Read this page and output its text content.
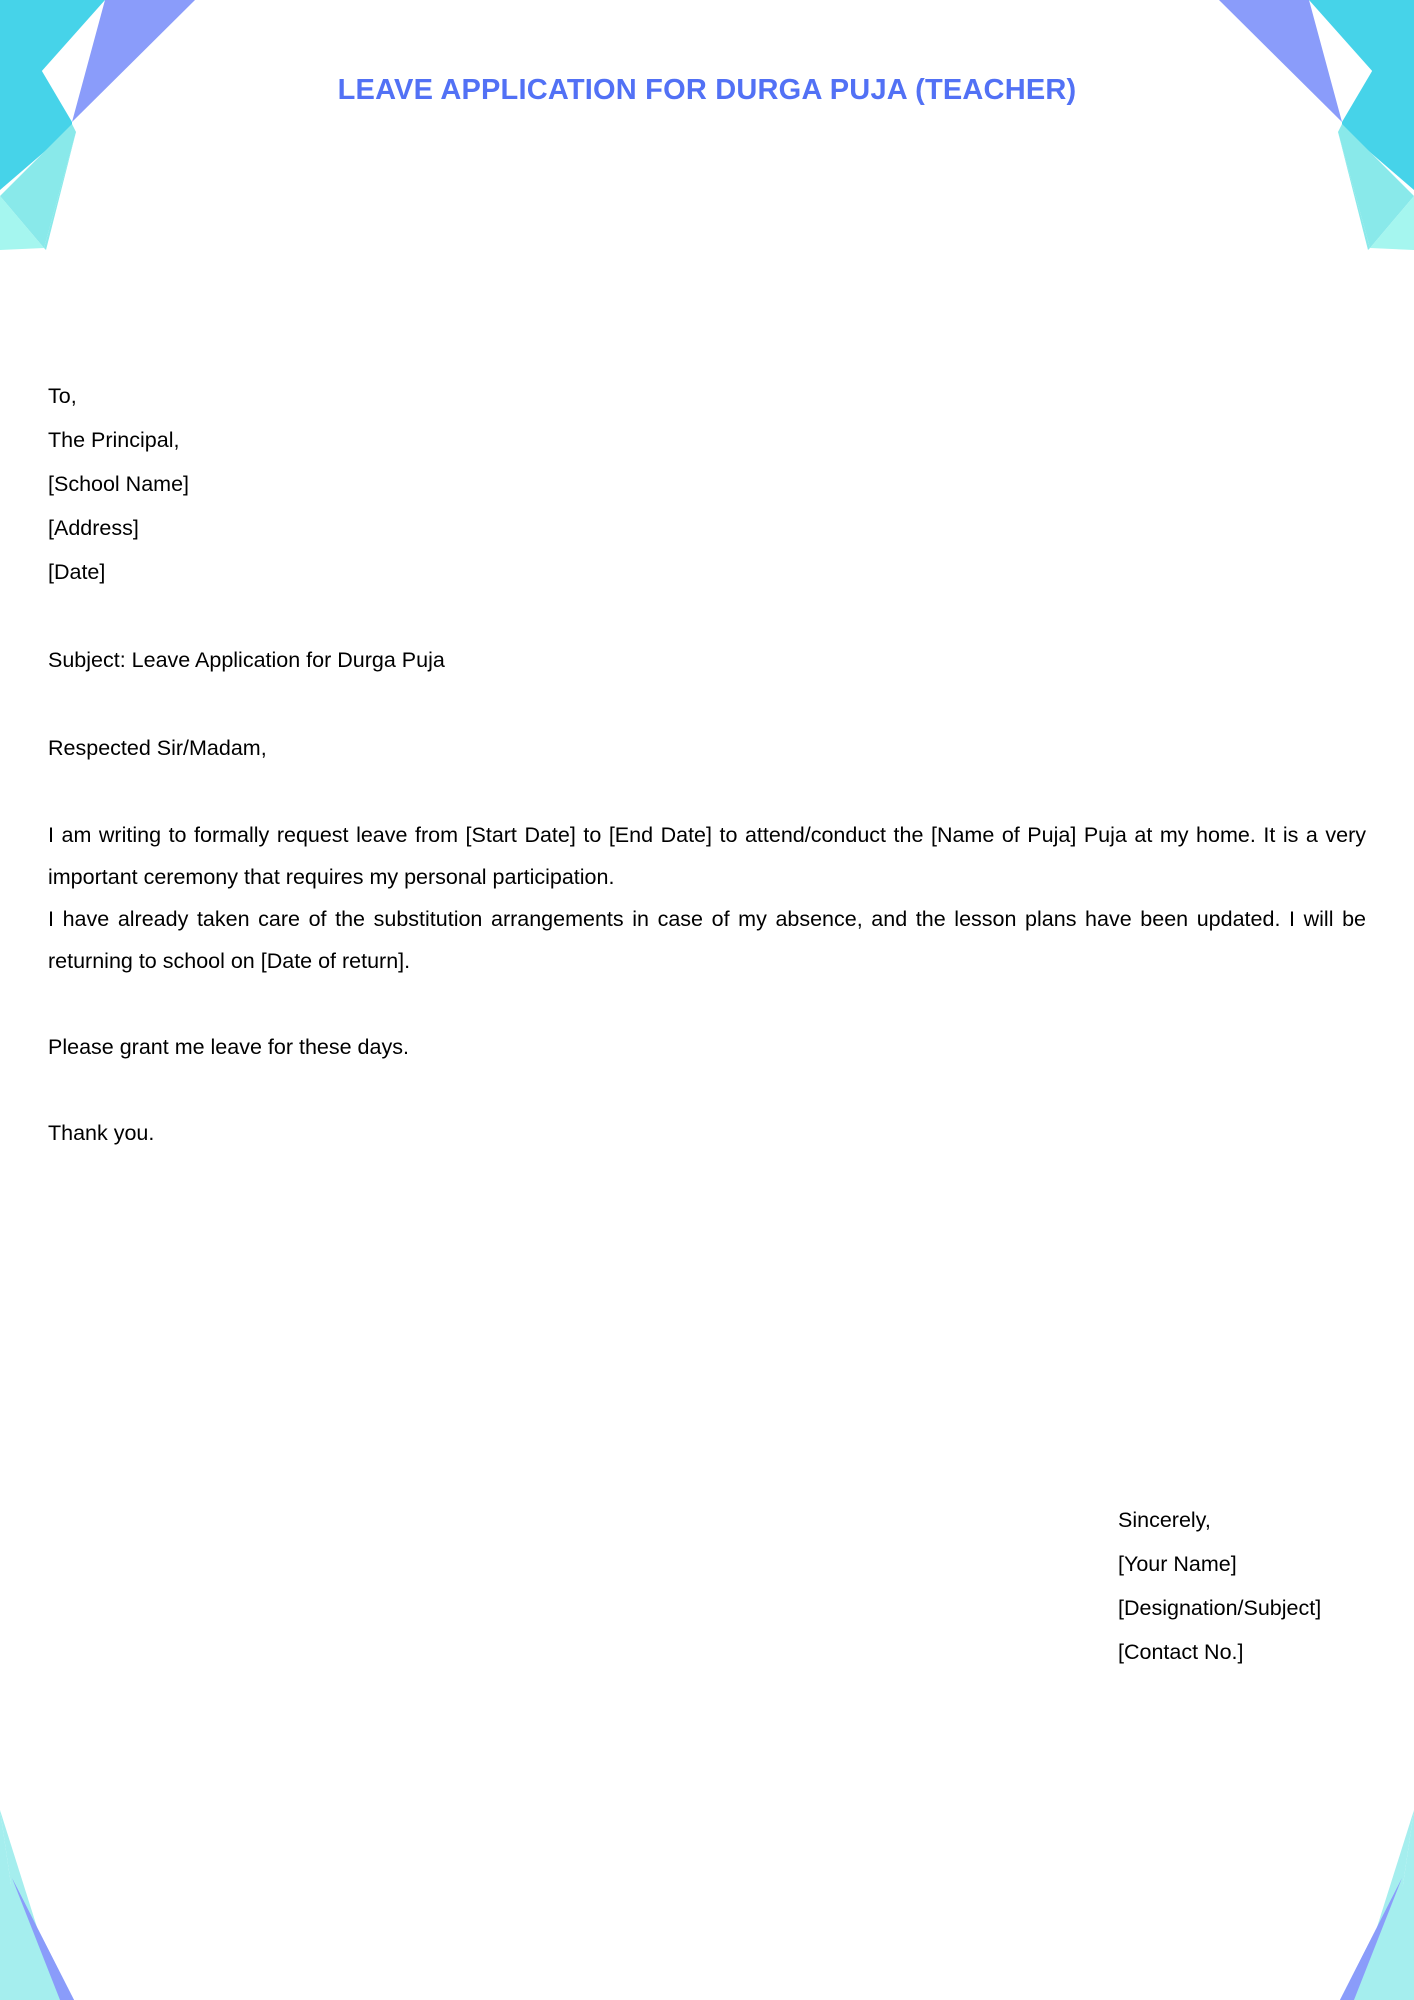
LEAVE APPLICATION FOR DURGA PUJA (TEACHER)
To,
The Principal,
[School Name]
[Address]
[Date]
Subject: Leave Application for Durga Puja
Respected Sir/Madam,
I am writing to formally request leave from [Start Date] to [End Date] to attend/conduct the [Name of Puja] Puja at my home. It is a very important ceremony that requires my personal participation.
I have already taken care of the substitution arrangements in case of my absence, and the lesson plans have been updated. I will be returning to school on [Date of return].
Please grant me leave for these days.
Thank you.
Sincerely,
[Your Name]
[Designation/Subject]
[Contact No.]
